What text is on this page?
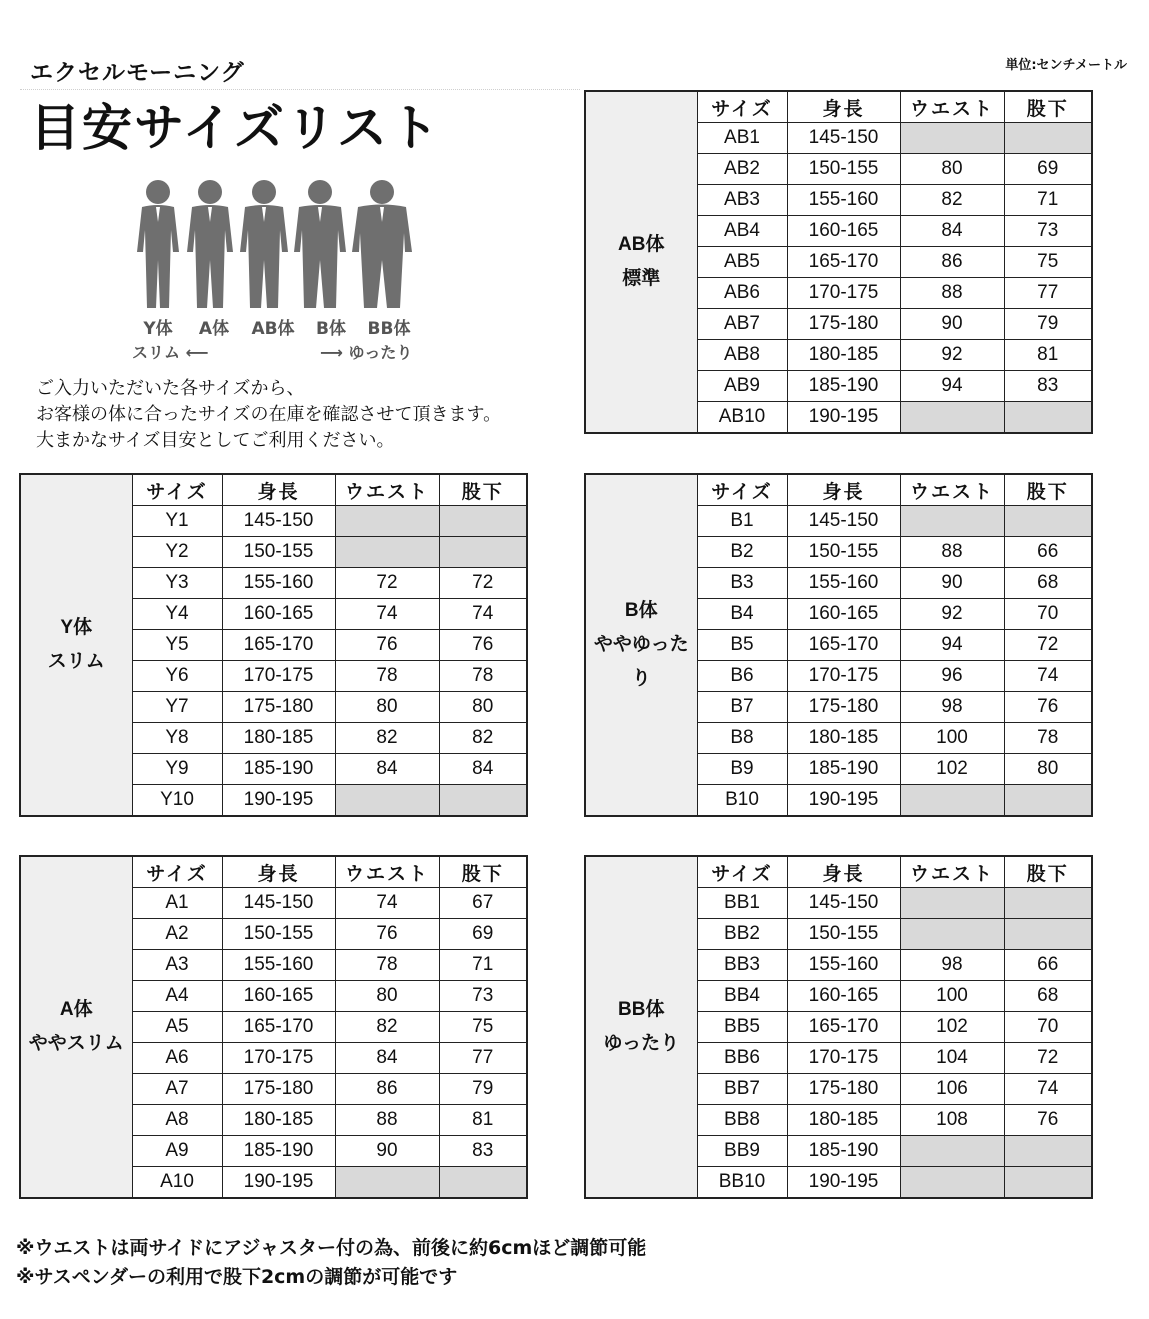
エクセルモーニング
目安サイズリスト
単位:センチメートル
Y体	A体	AB体	B体	BB体
スリム ⟵	⟶ ゆったり
ご入力いただいた各サイズから、
お客様の体に合ったサイズの在庫を確認させて頂きます。
大まかなサイズ目安としてご利用ください。
AB体
標準	サイズ	身長	ウエスト	股下
	AB1	145-150		
	AB2	150-155	80	69
	AB3	155-160	82	71
	AB4	160-165	84	73
	AB5	165-170	86	75
	AB6	170-175	88	77
	AB7	175-180	90	79
	AB8	180-185	92	81
	AB9	185-190	94	83
	AB10	190-195		
Y体
スリム	サイズ	身長	ウエスト	股下
	Y1	145-150		
	Y2	150-155		
	Y3	155-160	72	72
	Y4	160-165	74	74
	Y5	165-170	76	76
	Y6	170-175	78	78
	Y7	175-180	80	80
	Y8	180-185	82	82
	Y9	185-190	84	84
	Y10	190-195		
B体
ややゆったり	サイズ	身長	ウエスト	股下
	B1	145-150		
	B2	150-155	88	66
	B3	155-160	90	68
	B4	160-165	92	70
	B5	165-170	94	72
	B6	170-175	96	74
	B7	175-180	98	76
	B8	180-185	100	78
	B9	185-190	102	80
	B10	190-195		
A体
ややスリム	サイズ	身長	ウエスト	股下
	A1	145-150	74	67
	A2	150-155	76	69
	A3	155-160	78	71
	A4	160-165	80	73
	A5	165-170	82	75
	A6	170-175	84	77
	A7	175-180	86	79
	A8	180-185	88	81
	A9	185-190	90	83
	A10	190-195		
BB体
ゆったり	サイズ	身長	ウエスト	股下
	BB1	145-150		
	BB2	150-155		
	BB3	155-160	98	66
	BB4	160-165	100	68
	BB5	165-170	102	70
	BB6	170-175	104	72
	BB7	175-180	106	74
	BB8	180-185	108	76
	BB9	185-190		
	BB10	190-195		
※ウエストは両サイドにアジャスター付の為、前後に約6cmほど調節可能
※サスペンダーの利用で股下2cmの調節が可能です
